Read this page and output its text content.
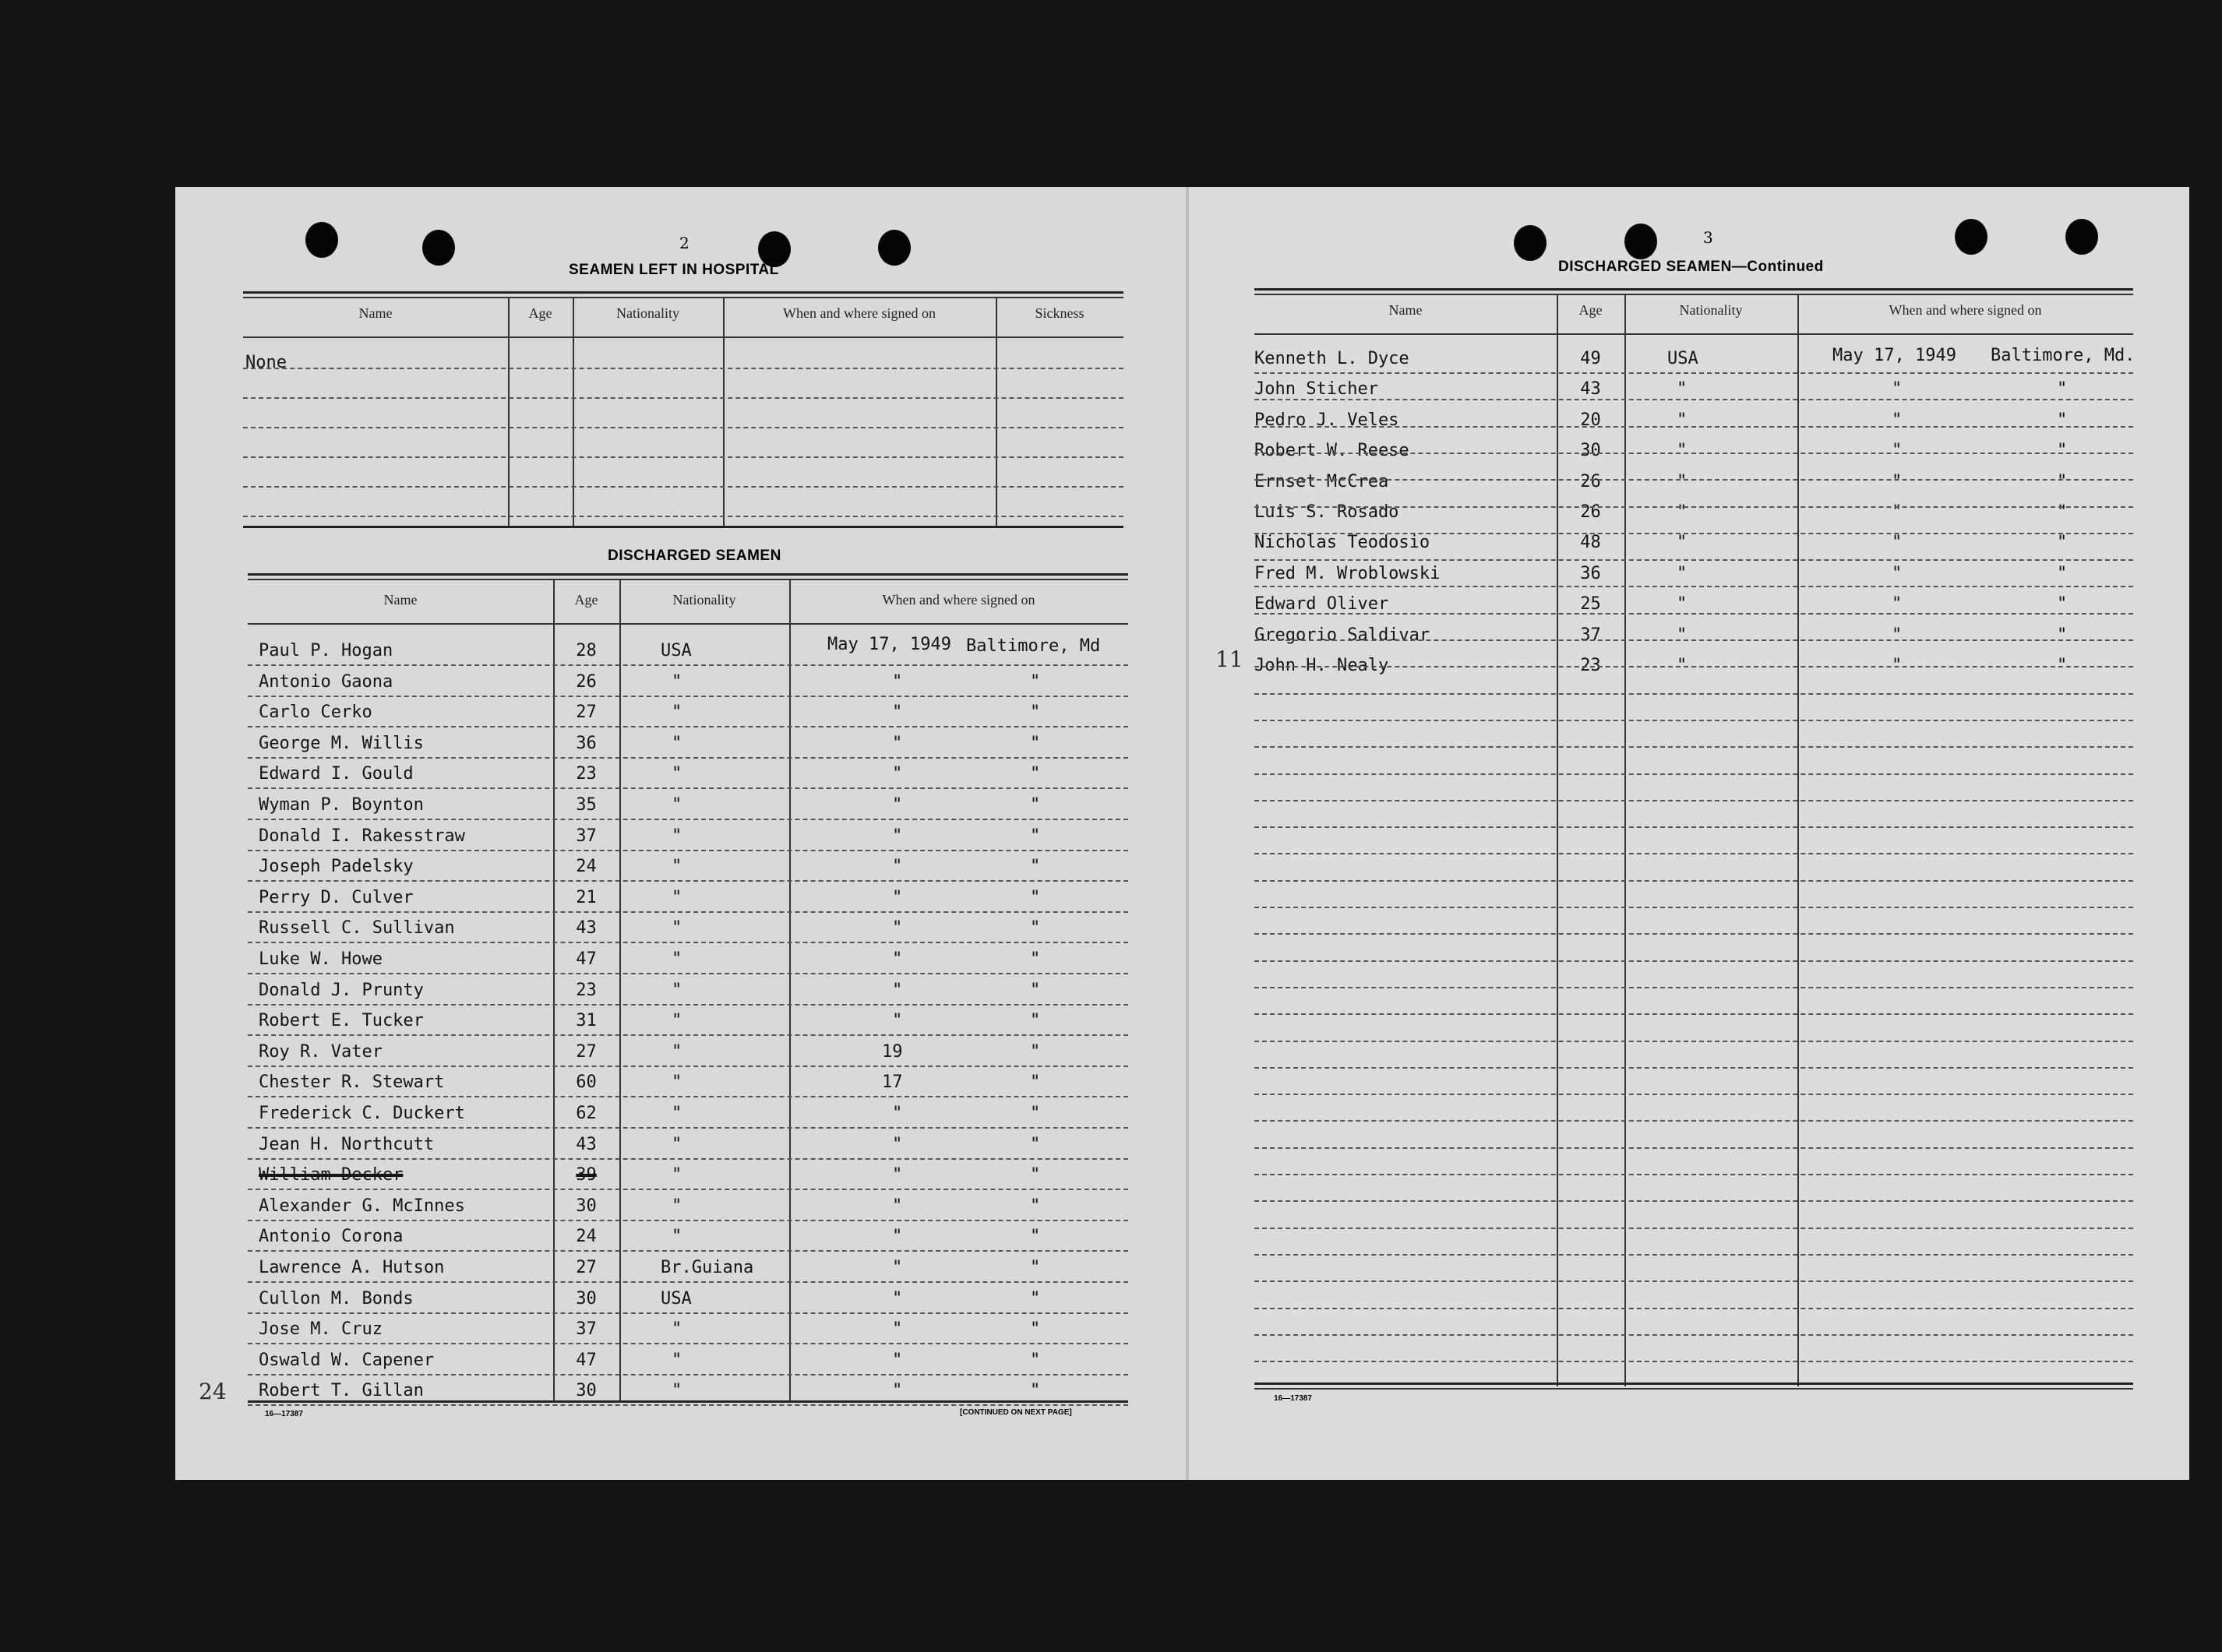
2
SEAMEN LEFT IN HOSPITAL
Name	Age	Nationality	When and where signed on	Sickness
None
DISCHARGED SEAMEN
Name	Age	Nationality	When and where signed on
Paul P. Hogan	28	USA	May 17, 1949 Baltimore, Md
Antonio Gaona	26	"	"	"
Carlo Cerko	27	"	"	"
George M. Willis	36	"	"	"
Edward I. Gould	23	"	"	"
Wyman P. Boynton	35	"	"	"
Donald I. Rakesstraw	37	"	"	"
Joseph Padelsky	24	"	"	"
Perry D. Culver	21	"	"	"
Russell C. Sullivan	43	"	"	"
Luke W. Howe	47	"	"	"
Donald J. Prunty	23	"	"	"
Robert E. Tucker	31	"	"	"
Roy R. Vater	27	"	19	"
Chester R. Stewart	60	"	17	"
Frederick C. Duckert	62	"	"	"
Jean H. Northcutt	43	"	"	"
William Decker	39	"	"	"
Alexander G. McInnes	30	"	"	"
Antonio Corona	24	"	"	"
Lawrence A. Hutson	27	Br.Guiana	"	"
Cullon M. Bonds	30	USA	"	"
Jose M. Cruz	37	"	"	"
Oswald W. Capener	47	"	"	"
Robert T. Gillan	30	"	"	"
16—17387	[CONTINUED ON NEXT PAGE]
24
3
DISCHARGED SEAMEN—Continued
Name	Age	Nationality	When and where signed on
Kenneth L. Dyce	49	USA	May 17, 1949 Baltimore, Md.
John Sticher	43	"	"	"
Pedro J. Veles	20	"	"	"
Robert W. Reese	30	"	"	"
Ernset McCrea	26	"	"	"
Luis S. Rosado	26	"	"	"
Nicholas Teodosio	48	"	"	"
Fred M. Wroblowski	36	"	"	"
Edward Oliver	25	"	"	"
Gregorio Saldivar	37	"	"	"
John H. Nealy	23	"	"	"
16—17387
11
